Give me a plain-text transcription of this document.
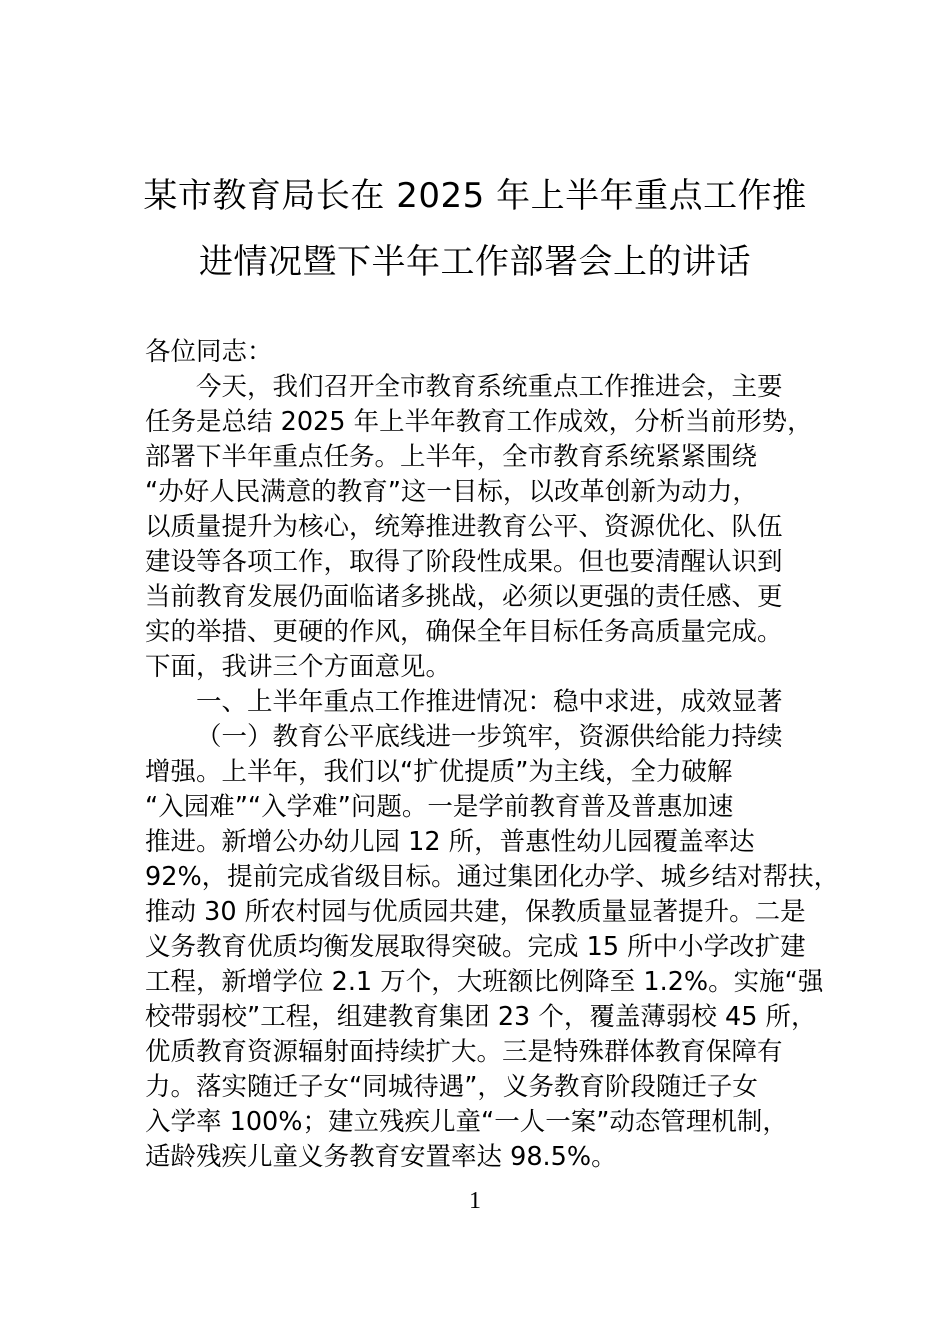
某市教育局长在 2025 年上半年重点工作推
进情况暨下半年工作部署会上的讲话
各位同志：
今天，我们召开全市教育系统重点工作推进会，主要
任务是总结 2025 年上半年教育工作成效，分析当前形势，
部署下半年重点任务。上半年，全市教育系统紧紧围绕
“办好人民满意的教育”这一目标，以改革创新为动力，
以质量提升为核心，统筹推进教育公平、资源优化、队伍
建设等各项工作，取得了阶段性成果。但也要清醒认识到
当前教育发展仍面临诸多挑战，必须以更强的责任感、更
实的举措、更硬的作风，确保全年目标任务高质量完成。
下面，我讲三个方面意见。
一、上半年重点工作推进情况：稳中求进，成效显著
（一）教育公平底线进一步筑牢，资源供给能力持续
增强。上半年，我们以“扩优提质”为主线，全力破解
“入园难”“入学难”问题。一是学前教育普及普惠加速
推进。新增公办幼儿园 12 所，普惠性幼儿园覆盖率达
92%，提前完成省级目标。通过集团化办学、城乡结对帮扶，
推动 30 所农村园与优质园共建，保教质量显著提升。二是
义务教育优质均衡发展取得突破。完成 15 所中小学改扩建
工程，新增学位 2.1 万个，大班额比例降至 1.2%。实施“强
校带弱校”工程，组建教育集团 23 个，覆盖薄弱校 45 所，
优质教育资源辐射面持续扩大。三是特殊群体教育保障有
力。落实随迁子女“同城待遇”，义务教育阶段随迁子女
入学率 100%；建立残疾儿童“一人一案”动态管理机制，
适龄残疾儿童义务教育安置率达 98.5%。
1
